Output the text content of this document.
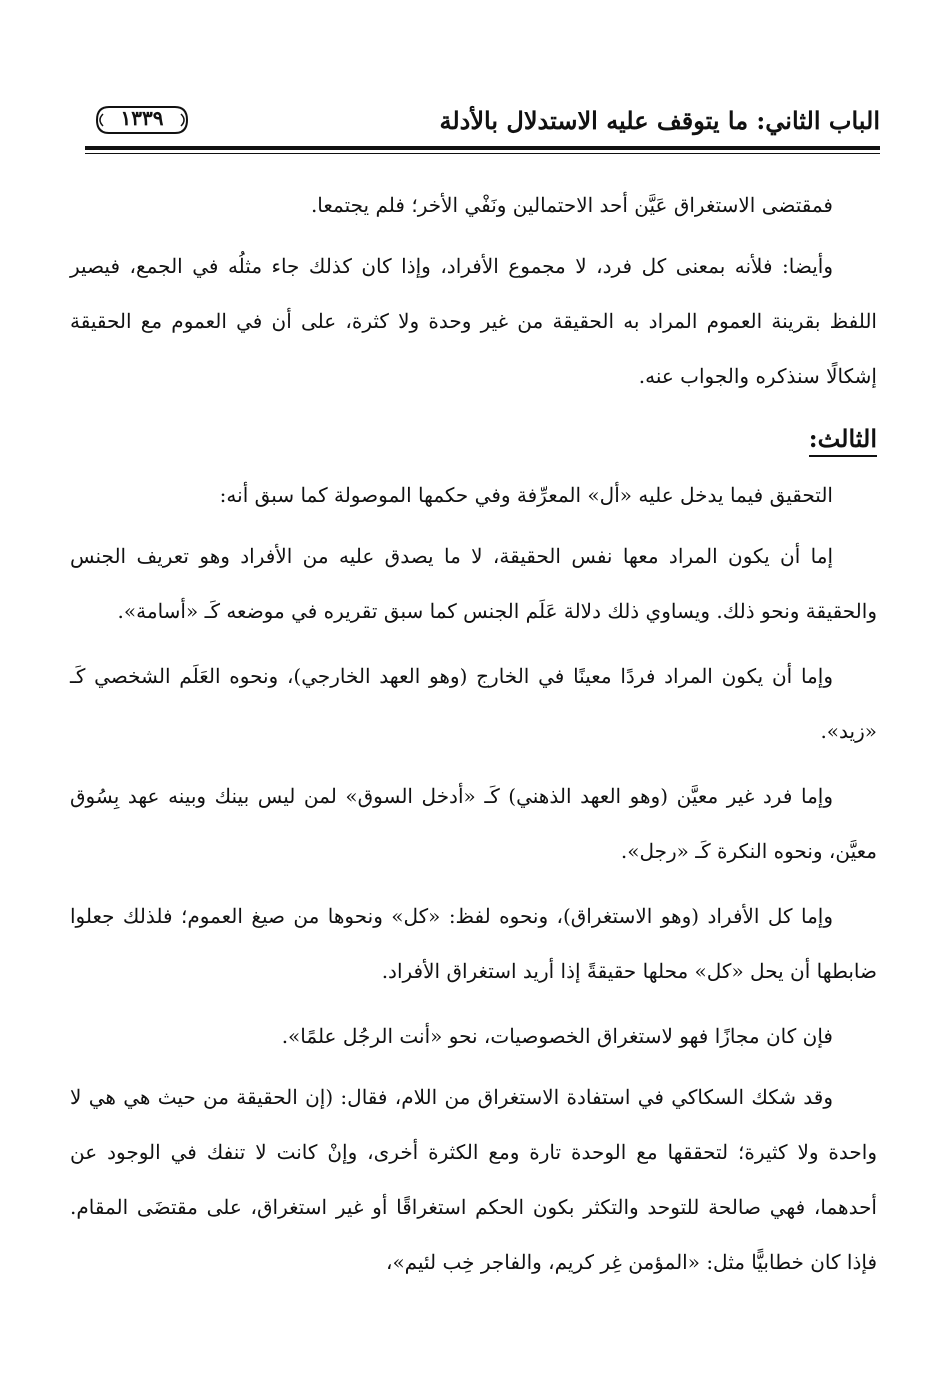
الباب الثاني: ما يتوقف عليه الاستدلال بالأدلة
١٣٣٩

فمقتضى الاستغراق عَيَّن أحد الاحتمالين ونَفْي الأخر؛ فلم يجتمعا.

وأيضا: فلأنه بمعنى كل فرد، لا مجموع الأفراد، وإذا كان كذلك جاء مثلُه في الجمع، فيصير اللفظ بقرينة العموم المراد به الحقيقة من غير وحدة ولا كثرة، على أن في العموم مع الحقيقة إشكالًا سنذكره والجواب عنه.

الثالث:

التحقيق فيما يدخل عليه «أل» المعرِّفة وفي حكمها الموصولة كما سبق أنه:

إما أن يكون المراد معها نفس الحقيقة، لا ما يصدق عليه من الأفراد وهو تعريف الجنس والحقيقة ونحو ذلك. ويساوي ذلك دلالة عَلَم الجنس كما سبق تقريره في موضعه كَـ «أسامة».

وإما أن يكون المراد فردًا معينًا في الخارج (وهو العهد الخارجي)، ونحوه العَلَم الشخصي كَـ «زيد».

وإما فرد غير معيَّن (وهو العهد الذهني) كَـ «أدخل السوق» لمن ليس بينك وبينه عهد بِسُوق معيَّن، ونحوه النكرة كَـ «رجل».

وإما كل الأفراد (وهو الاستغراق)، ونحوه لفظ: «كل» ونحوها من صيغ العموم؛ فلذلك جعلوا ضابطها أن يحل «كل» محلها حقيقةً إذا أريد استغراق الأفراد.

فإن كان مجازًا فهو لاستغراق الخصوصيات، نحو «أنت الرجُل علمًا».

وقد شكك السكاكي في استفادة الاستغراق من اللام، فقال: (إن الحقيقة من حيث هي هي لا واحدة ولا كثيرة؛ لتحققها مع الوحدة تارة ومع الكثرة أخرى، وإنْ كانت لا تنفك في الوجود عن أحدهما، فهي صالحة للتوحد والتكثر بكون الحكم استغراقًا أو غير استغراق، على مقتضَى المقام. فإذا كان خطابيًّا مثل: «المؤمن غِر كريم، والفاجر خِب لئيم»،
